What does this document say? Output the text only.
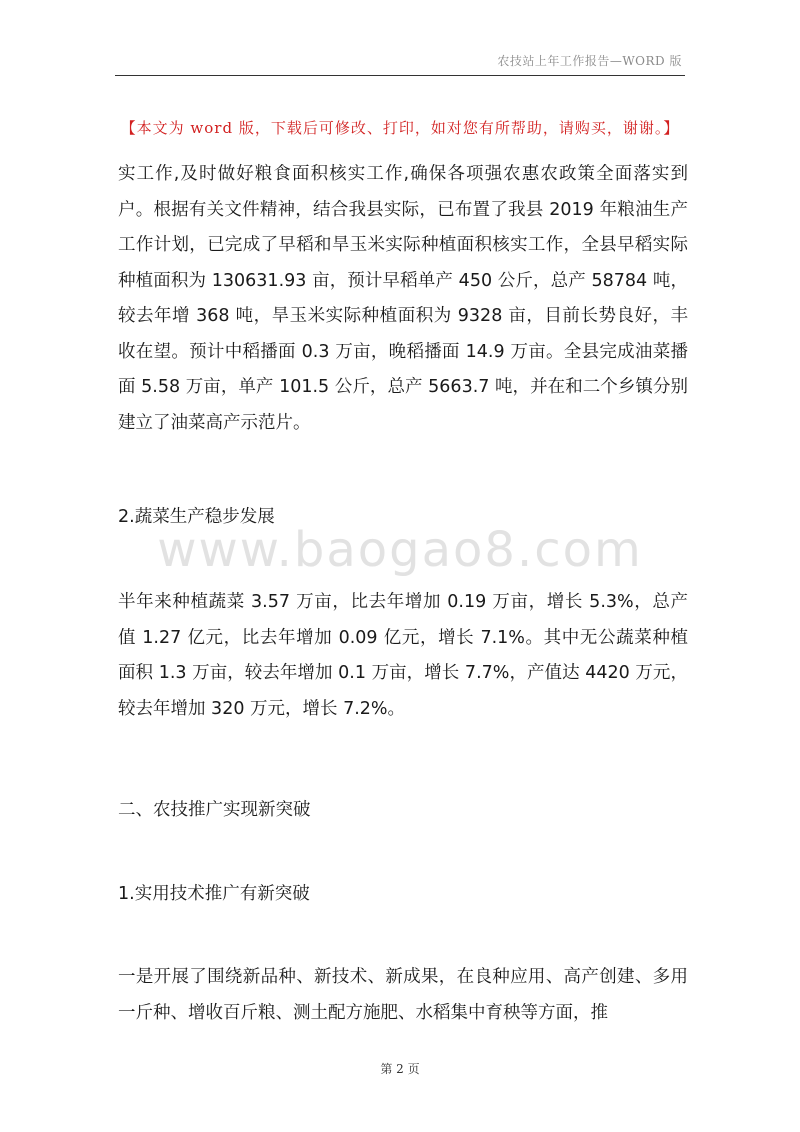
农技站上年工作报告—WORD 版
【本文为 word 版，下载后可修改、打印，如对您有所帮助，请购买，谢谢。】

实工作,及时做好粮食面积核实工作,确保各项强农惠农政策全面落实到户。根据有关文件精神，结合我县实际，已布置了我县 2019 年粮油生产工作计划，已完成了早稻和旱玉米实际种植面积核实工作，全县早稻实际种植面积为 130631.93 亩，预计早稻单产 450 公斤，总产 58784 吨，较去年增 368 吨，旱玉米实际种植面积为 9328 亩，目前长势良好，丰收在望。预计中稻播面 0.3 万亩，晚稻播面 14.9 万亩。全县完成油菜播面 5.58 万亩，单产 101.5 公斤，总产 5663.7 吨，并在和二个乡镇分别建立了油菜高产示范片。

2.蔬菜生产稳步发展

www.baogao8.com

半年来种植蔬菜 3.57 万亩，比去年增加 0.19 万亩，增长 5.3%，总产值 1.27 亿元，比去年增加 0.09 亿元，增长 7.1%。其中无公蔬菜种植面积 1.3 万亩，较去年增加 0.1 万亩，增长 7.7%，产值达 4420 万元，较去年增加 320 万元，增长 7.2%。

二、农技推广实现新突破

1.实用技术推广有新突破

一是开展了围绕新品种、新技术、新成果，在良种应用、高产创建、多用一斤种、增收百斤粮、测土配方施肥、水稻集中育秧等方面，推

第 2 页
